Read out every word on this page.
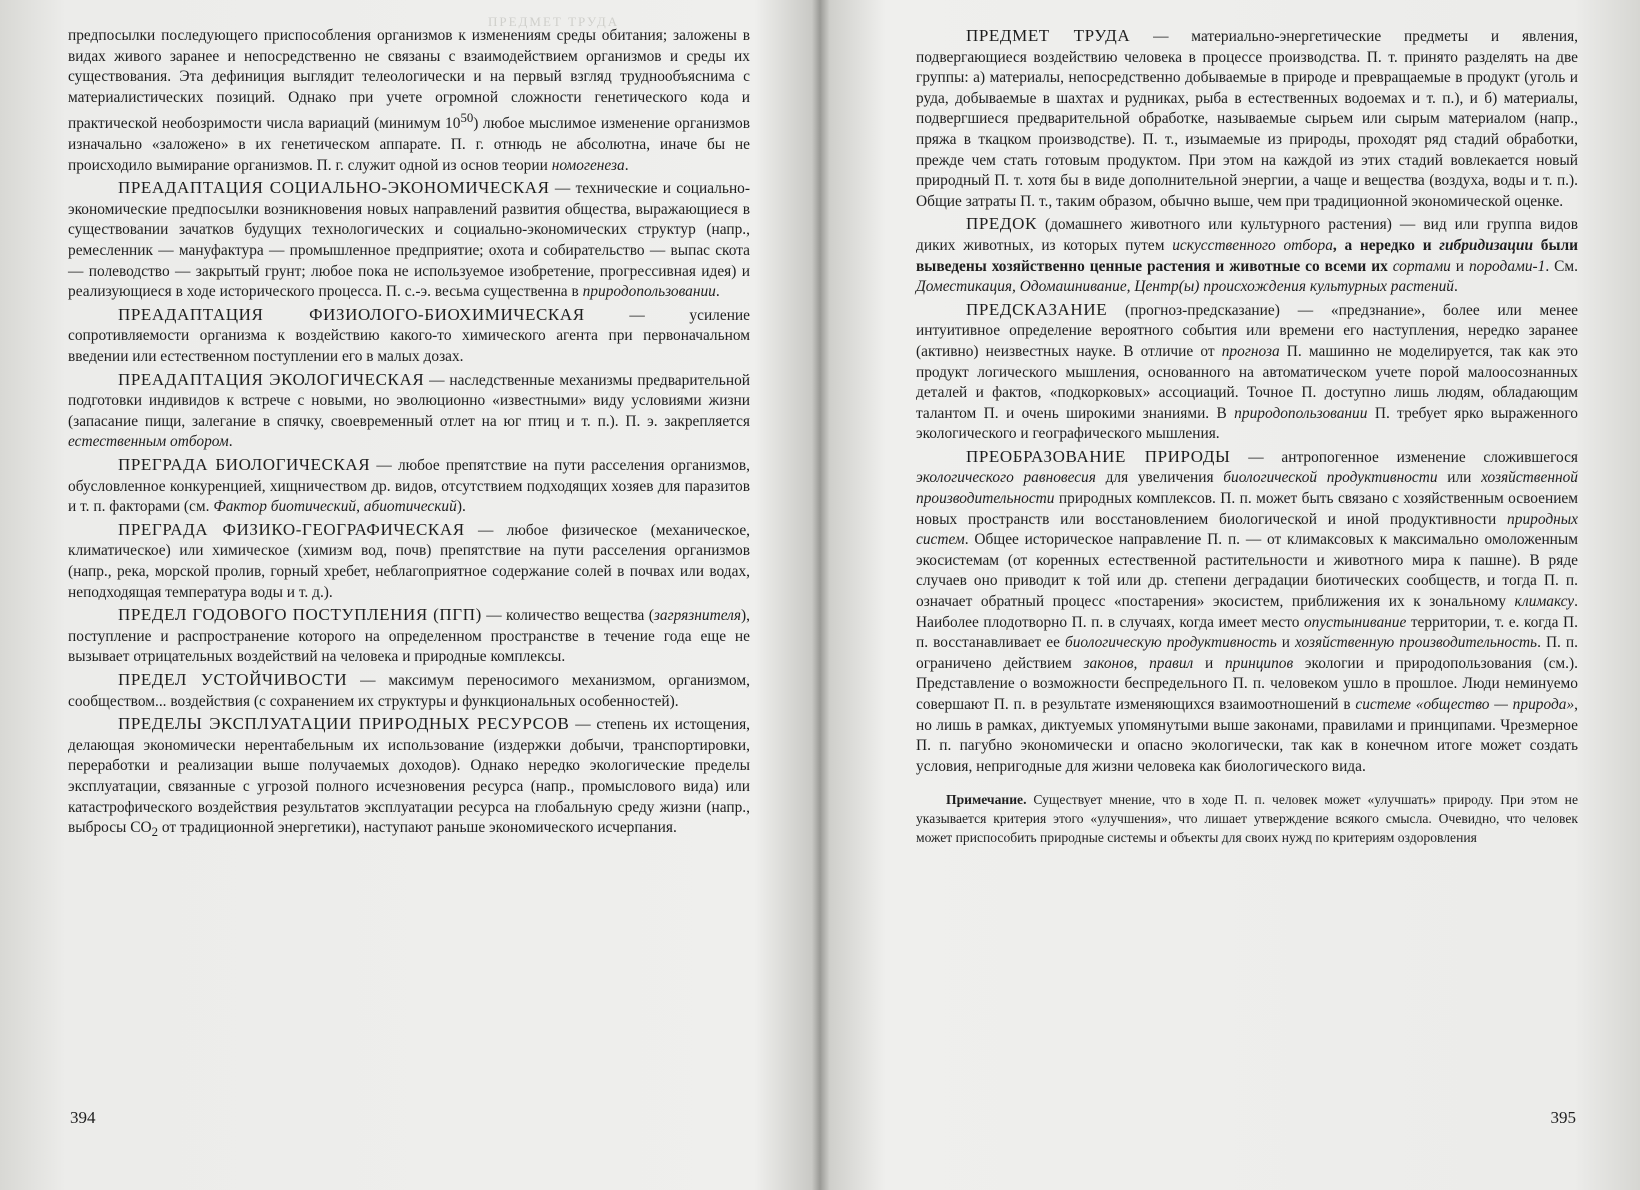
ПРЕДМЕТ ТРУДА

предпосылки последующего приспособления организмов к изменениям среды обитания; заложены в видах живого заранее и непосредственно не связаны с взаимодействием организмов и среды их существования. Эта дефиниция выглядит телеологически и на первый взгляд труднообъяснима с материалистических позиций. Однако при учете огромной сложности генетического кода и практической необозримости числа вариаций (минимум $10^{50}$) любое мыслимое изменение организмов изначально «заложено» в их генетическом аппарате. П. г. отнюдь не абсолютна, иначе бы не происходило вымирание организмов. П. г. служит одной из основ теории номогенеза.

ПРЕАДАПТАЦИЯ СОЦИАЛЬНО-ЭКОНОМИЧЕСКАЯ — технические и социально-экономические предпосылки возникновения новых направлений развития общества, выражающиеся в существовании зачатков будущих технологических и социально-экономических структур (напр., ремесленник — мануфактура — промышленное предприятие; охота и собирательство — выпас скота — полеводство — закрытый грунт; любое пока не используемое изобретение, прогрессивная идея) и реализующиеся в ходе исторического процесса. П. с.-э. весьма существенна в природопользовании.

ПРЕАДАПТАЦИЯ ФИЗИОЛОГО-БИОХИМИЧЕСКАЯ — усиление сопротивляемости организма к воздействию какого-то химического агента при первоначальном введении или естественном поступлении его в малых дозах.

ПРЕАДАПТАЦИЯ ЭКОЛОГИЧЕСКАЯ — наследственные механизмы предварительной подготовки индивидов к встрече с новыми, но эволюционно «известными» виду условиями жизни (запасание пищи, залегание в спячку, своевременный отлет на юг птиц и т. п.). П. э. закрепляется естественным отбором.

ПРЕГРАДА БИОЛОГИЧЕСКАЯ — любое препятствие на пути расселения организмов, обусловленное конкуренцией, хищничеством др. видов, отсутствием подходящих хозяев для паразитов и т. п. факторами (см. Фактор биотический, абиотический).

ПРЕГРАДА ФИЗИКО-ГЕОГРАФИЧЕСКАЯ — любое физическое (механическое, климатическое) или химическое (химизм вод, почв) препятствие на пути расселения организмов (напр., река, морской пролив, горный хребет, неблагоприятное содержание солей в почвах или водах, неподходящая температура воды и т. д.).

ПРЕДЕЛ ГОДОВОГО ПОСТУПЛЕНИЯ (ПГП) — количество вещества (загрязнителя), поступление и распространение которого на определенном пространстве в течение года еще не вызывает отрицательных воздействий на человека и природные комплексы.

ПРЕДЕЛ УСТОЙЧИВОСТИ — максимум переносимого механизмом, организмом, сообществом... воздействия (с сохранением их структуры и функциональных особенностей).

ПРЕДЕЛЫ ЭКСПЛУАТАЦИИ ПРИРОДНЫХ РЕСУРСОВ — степень их истощения, делающая экономически нерентабельным их использование (издержки добычи, транспортировки, переработки и реализации выше получаемых доходов). Однако нередко экологические пределы эксплуатации, связанные с угрозой полного исчезновения ресурса (напр., промыслового вида) или катастрофического воздействия результатов эксплуатации ресурса на глобальную среду жизни (напр., выбросы $CO_2$ от традиционной энергетики), наступают раньше экономического исчерпания.

394

ПРЕДМЕТ ТРУДА — материально-энергетические предметы и явления, подвергающиеся воздействию человека в процессе производства. П. т. принято разделять на две группы: а) материалы, непосредственно добываемые в природе и превращаемые в продукт (уголь и руда, добываемые в шахтах и рудниках, рыба в естественных водоемах и т. п.), и б) материалы, подвергшиеся предварительной обработке, называемые сырьем или сырым материалом (напр., пряжа в ткацком производстве). П. т., изымаемые из природы, проходят ряд стадий обработки, прежде чем стать готовым продуктом. При этом на каждой из этих стадий вовлекается новый природный П. т. хотя бы в виде дополнительной энергии, а чаще и вещества (воздуха, воды и т. п.). Общие затраты П. т., таким образом, обычно выше, чем при традиционной экономической оценке.

ПРЕДОК (домашнего животного или культурного растения) — вид или группа видов диких животных, из которых путем искусственного отбора, а нередко и гибридизации были выведены хозяйственно ценные растения и животные со всеми их сортами и породами-1. См. Доместикация, Одомашнивание, Центр(ы) происхождения культурных растений.

ПРЕДСКАЗАНИЕ (прогноз-предсказание) — «предзнание», более или менее интуитивное определение вероятного события или времени его наступления, нередко заранее (активно) неизвестных науке. В отличие от прогноза П. машинно не моделируется, так как это продукт логического мышления, основанного на автоматическом учете порой малоосознанных деталей и фактов, «подкорковых» ассоциаций. Точное П. доступно лишь людям, обладающим талантом П. и очень широкими знаниями. В природопользовании П. требует ярко выраженного экологического и географического мышления.

ПРЕОБРАЗОВАНИЕ ПРИРОДЫ — антропогенное изменение сложившегося экологического равновесия для увеличения биологической продуктивности или хозяйственной производительности природных комплексов. П. п. может быть связано с хозяйственным освоением новых пространств или восстановлением биологической и иной продуктивности природных систем. Общее историческое направление П. п. — от климаксовых к максимально омоложенным экосистемам (от коренных естественной растительности и животного мира к пашне). В ряде случаев оно приводит к той или др. степени деградации биотических сообществ, и тогда П. п. означает обратный процесс «постарения» экосистем, приближения их к зональному климаксу. Наиболее плодотворно П. п. в случаях, когда имеет место опустынивание территории, т. е. когда П. п. восстанавливает ее биологическую продуктивность и хозяйственную производительность. П. п. ограничено действием законов, правил и принципов экологии и природопользования (см.). Представление о возможности беспредельного П. п. человеком ушло в прошлое. Люди неминуемо совершают П. п. в результате изменяющихся взаимоотношений в системе «общество — природа», но лишь в рамках, диктуемых упомянутыми выше законами, правилами и принципами. Чрезмерное П. п. пагубно экономически и опасно экологически, так как в конечном итоге может создать условия, непригодные для жизни человека как биологического вида.

Примечание. Существует мнение, что в ходе П. п. человек может «улучшать» природу. При этом не указывается критерия этого «улучшения», что лишает утверждение всякого смысла. Очевидно, что человек может приспособить природные системы и объекты для своих нужд по критериям оздоровления

395
